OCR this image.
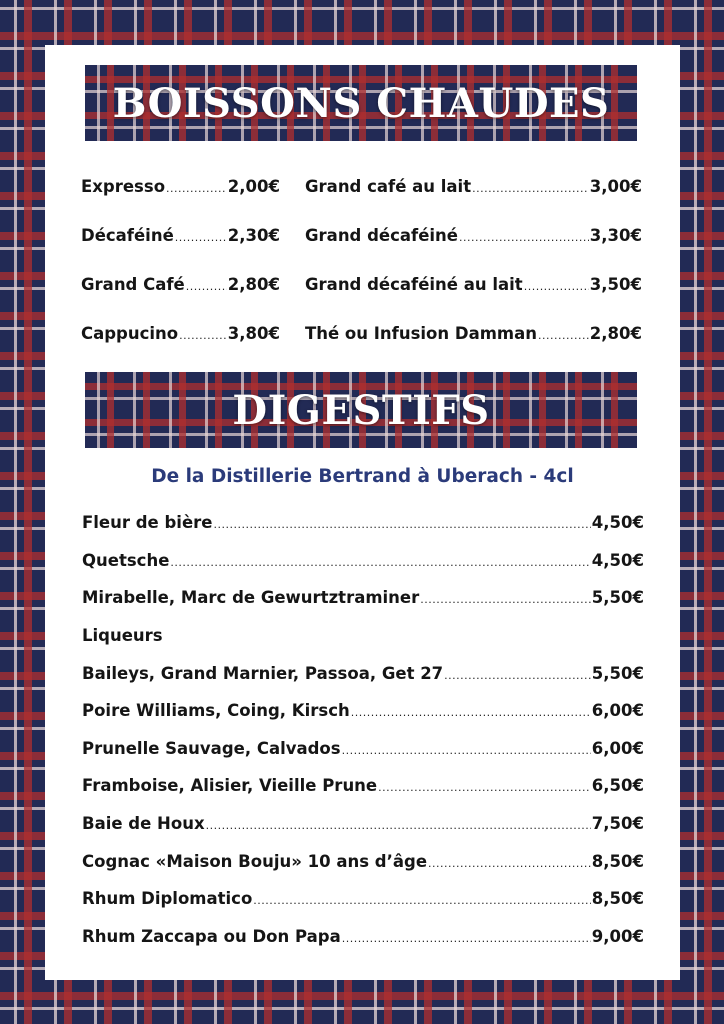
BOISSONS CHAUDES
Expresso .....	2,00€ Grand café au lait .....	3,00€
Décaféiné .....	2,30€ Grand décaféiné .....	3,30€
Grand Café .....	2,80€ Grand décaféiné au lait .....	3,50€
Cappucino .....	3,80€ Thé ou Infusion Damman .....	2,80€
DIGESTIFS
De la Distillerie Bertrand à Uberach - 4cl
Fleur de bière .....	4,50€
Quetsche .....	4,50€
Mirabelle, Marc de Gewurtztraminer .....	5,50€
Liqueurs
Baileys, Grand Marnier, Passoa, Get 27 .....	5,50€
Poire Williams, Coing, Kirsch .....	6,00€
Prunelle Sauvage, Calvados .....	6,00€
Framboise, Alisier, Vieille Prune .....	6,50€
Baie de Houx .....	7,50€
Cognac «Maison Bouju» 10 ans d’âge .....	8,50€
Rhum Diplomatico .....	8,50€
Rhum Zaccapa ou Don Papa .....	9,00€
